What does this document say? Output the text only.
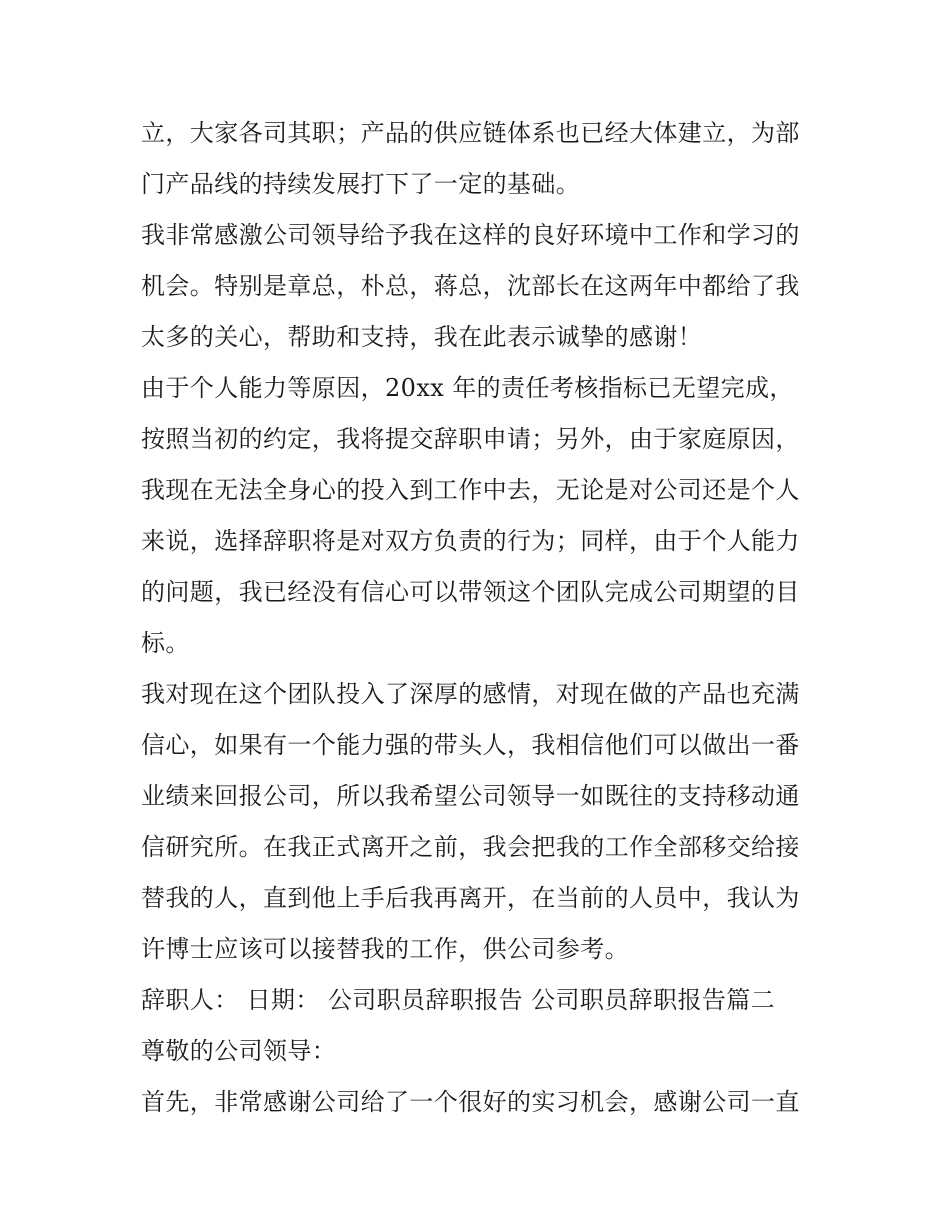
立，大家各司其职；产品的供应链体系也已经大体建立，为部
门产品线的持续发展打下了一定的基础。
我非常感激公司领导给予我在这样的良好环境中工作和学习的
机会。特别是章总，朴总，蒋总，沈部长在这两年中都给了我
太多的关心，帮助和支持，我在此表示诚挚的感谢！
由于个人能力等原因，20xx 年的责任考核指标已无望完成，
按照当初的约定，我将提交辞职申请；另外，由于家庭原因，
我现在无法全身心的投入到工作中去，无论是对公司还是个人
来说，选择辞职将是对双方负责的行为；同样，由于个人能力
的问题，我已经没有信心可以带领这个团队完成公司期望的目
标。
我对现在这个团队投入了深厚的感情，对现在做的产品也充满
信心，如果有一个能力强的带头人，我相信他们可以做出一番
业绩来回报公司，所以我希望公司领导一如既往的支持移动通
信研究所。在我正式离开之前，我会把我的工作全部移交给接
替我的人，直到他上手后我再离开，在当前的人员中，我认为
许博士应该可以接替我的工作，供公司参考。
辞职人： 日期： 公司职员辞职报告 公司职员辞职报告篇二
尊敬的公司领导：
首先，非常感谢公司给了一个很好的实习机会，感谢公司一直
